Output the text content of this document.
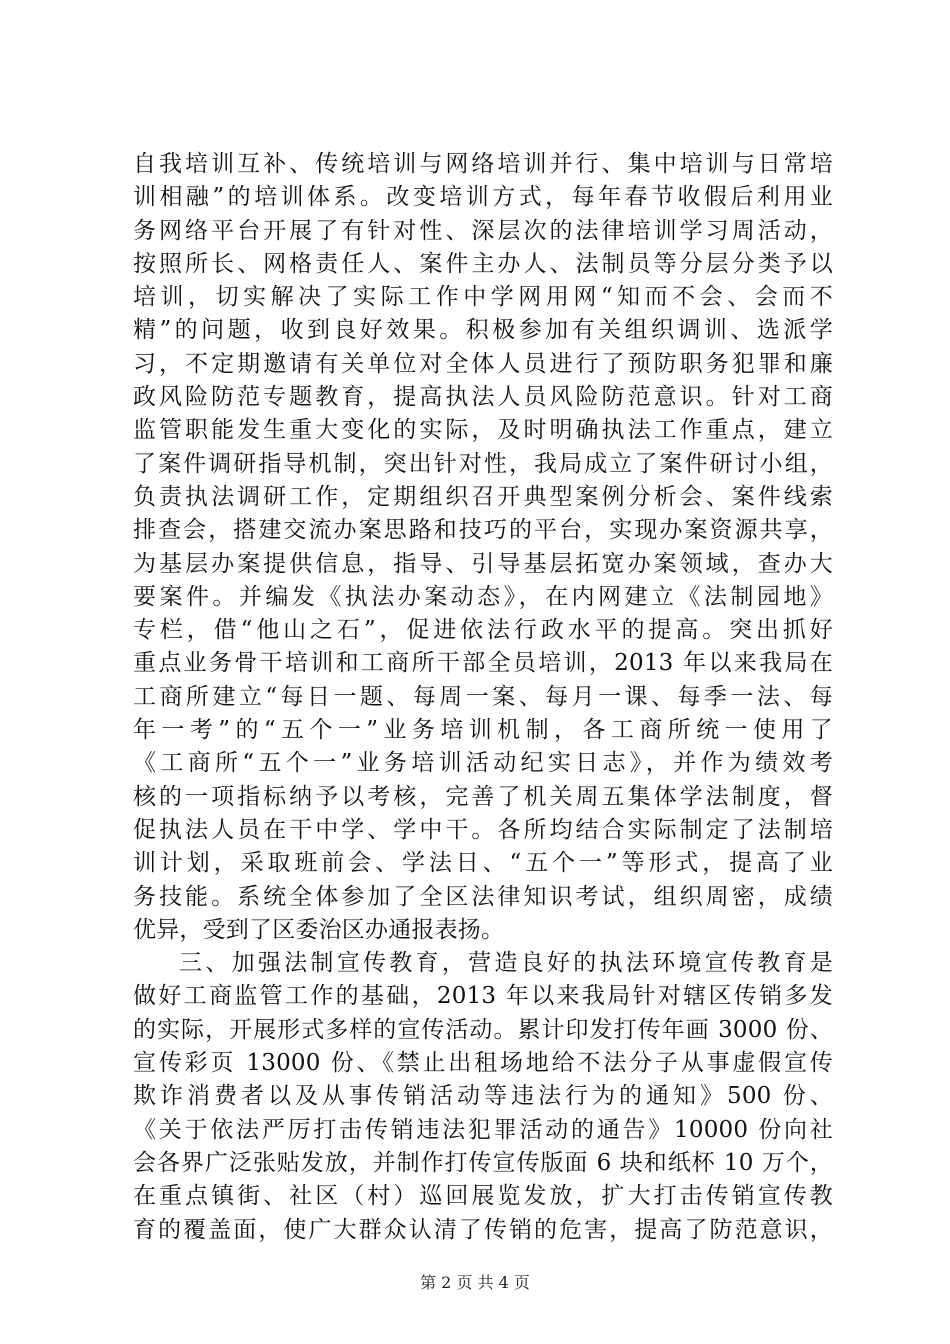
自我培训互补、传统培训与网络培训并行、集中培训与日常培
训相融”的培训体系。改变培训方式，每年春节收假后利用业
务网络平台开展了有针对性、深层次的法律培训学习周活动，
按照所长、网格责任人、案件主办人、法制员等分层分类予以
培训，切实解决了实际工作中学网用网“知而不会、会而不
精”的问题，收到良好效果。积极参加有关组织调训、选派学
习，不定期邀请有关单位对全体人员进行了预防职务犯罪和廉
政风险防范专题教育，提高执法人员风险防范意识。针对工商
监管职能发生重大变化的实际，及时明确执法工作重点，建立
了案件调研指导机制，突出针对性，我局成立了案件研讨小组，
负责执法调研工作，定期组织召开典型案例分析会、案件线索
排查会，搭建交流办案思路和技巧的平台，实现办案资源共享，
为基层办案提供信息，指导、引导基层拓宽办案领域，查办大
要案件。并编发《执法办案动态》，在内网建立《法制园地》
专栏，借“他山之石”，促进依法行政水平的提高。突出抓好
重点业务骨干培训和工商所干部全员培训，2013 年以来我局在
工商所建立“每日一题、每周一案、每月一课、每季一法、每
年一考”的“五个一”业务培训机制，各工商所统一使用了
《工商所“五个一”业务培训活动纪实日志》，并作为绩效考
核的一项指标纳予以考核，完善了机关周五集体学法制度，督
促执法人员在干中学、学中干。各所均结合实际制定了法制培
训计划，采取班前会、学法日、“五个一”等形式，提高了业
务技能。系统全体参加了全区法律知识考试，组织周密，成绩
优异，受到了区委治区办通报表扬。
三、加强法制宣传教育，营造良好的执法环境宣传教育是
做好工商监管工作的基础，2013 年以来我局针对辖区传销多发
的实际，开展形式多样的宣传活动。累计印发打传年画 3000 份、
宣传彩页 13000 份、《禁止出租场地给不法分子从事虚假宣传
欺诈消费者以及从事传销活动等违法行为的通知》500 份、
《关于依法严厉打击传销违法犯罪活动的通告》10000 份向社
会各界广泛张贴发放，并制作打传宣传版面 6 块和纸杯 10 万个，
在重点镇街、社区（村）巡回展览发放，扩大打击传销宣传教
育的覆盖面，使广大群众认清了传销的危害，提高了防范意识，
第 2 页 共 4 页
